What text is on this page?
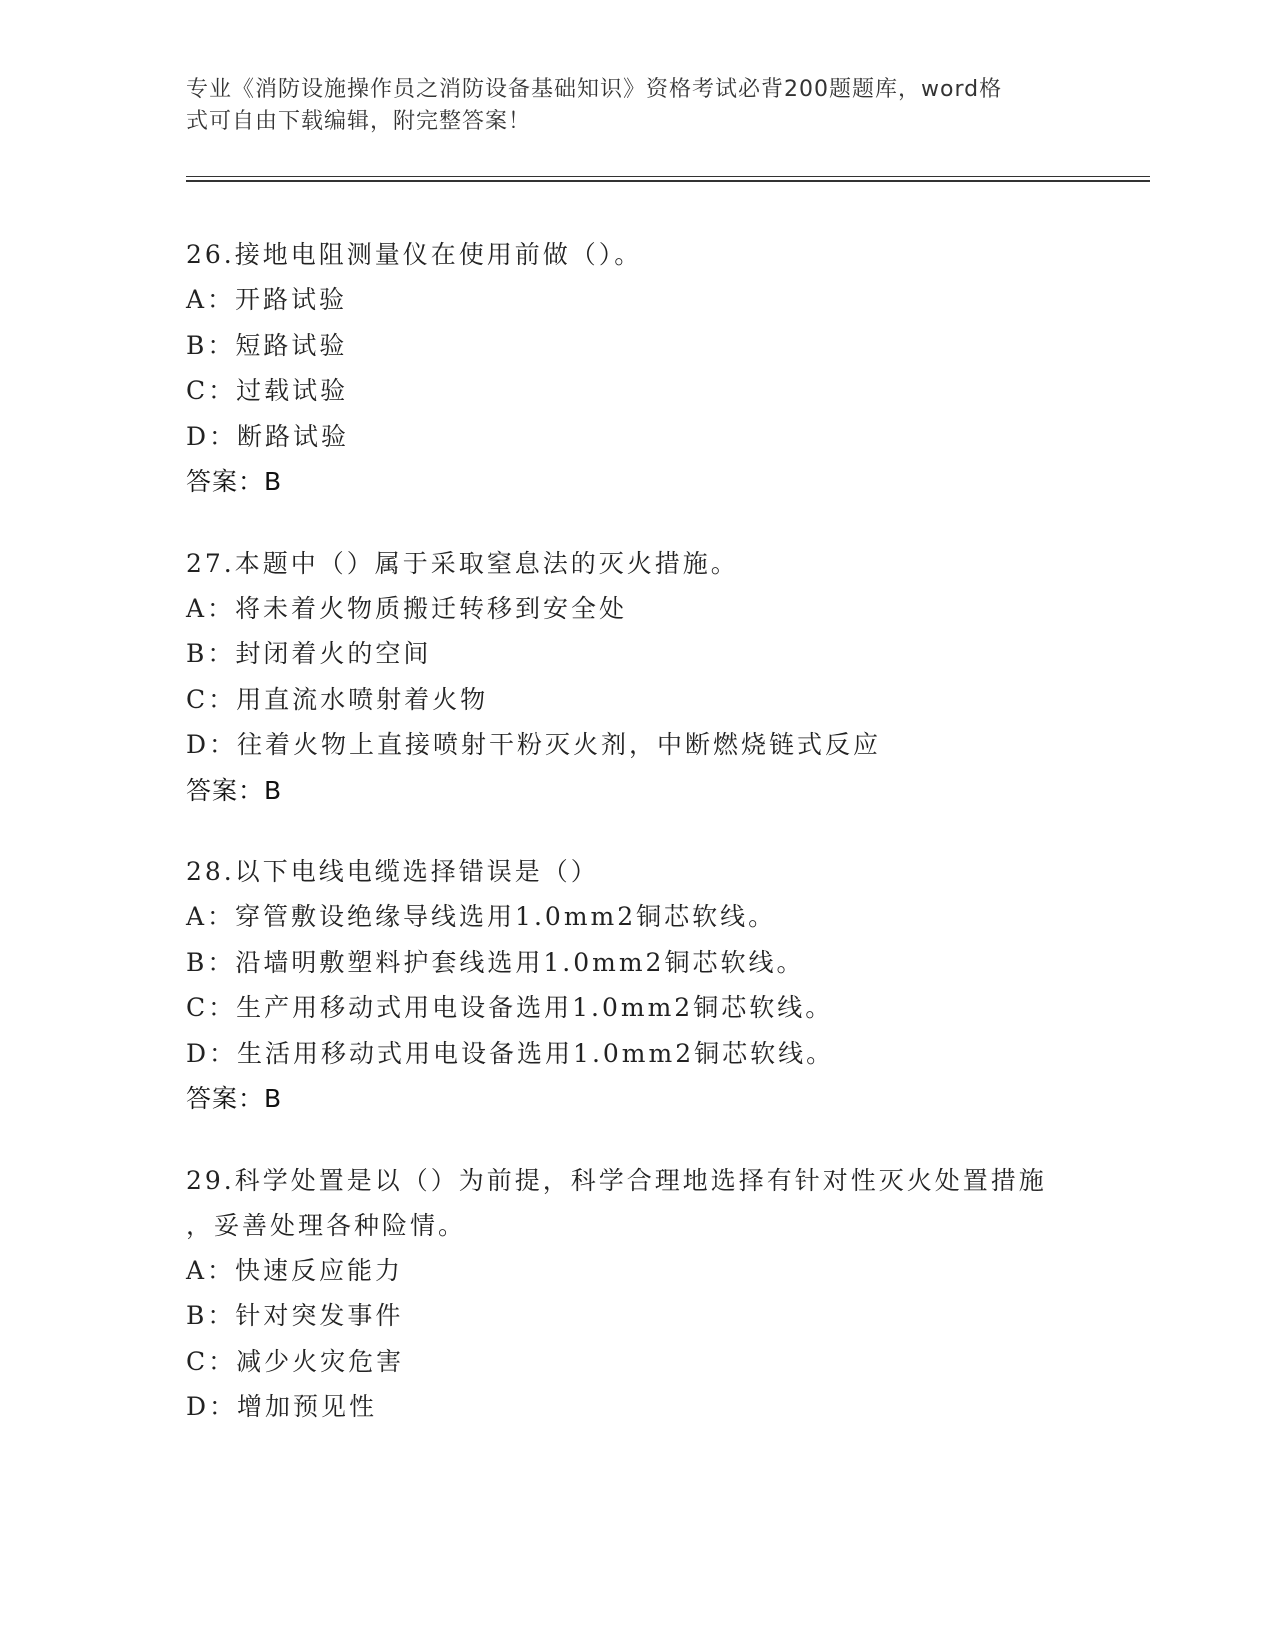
专业《消防设施操作员之消防设备基础知识》资格考试必背200题题库，word格
式可自由下载编辑，附完整答案！
26.接地电阻测量仪在使用前做（）。
A：开路试验
B：短路试验
C：过载试验
D：断路试验
答案：B
27.本题中（）属于采取窒息法的灭火措施。
A：将未着火物质搬迁转移到安全处
B：封闭着火的空间
C：用直流水喷射着火物
D：往着火物上直接喷射干粉灭火剂，中断燃烧链式反应
答案：B
28.以下电线电缆选择错误是（）
A：穿管敷设绝缘导线选用1.0mm2铜芯软线。
B：沿墙明敷塑料护套线选用1.0mm2铜芯软线。
C：生产用移动式用电设备选用1.0mm2铜芯软线。
D：生活用移动式用电设备选用1.0mm2铜芯软线。
答案：B
29.科学处置是以（）为前提，科学合理地选择有针对性灭火处置措施
，妥善处理各种险情。
A：快速反应能力
B：针对突发事件
C：减少火灾危害
D：增加预见性
